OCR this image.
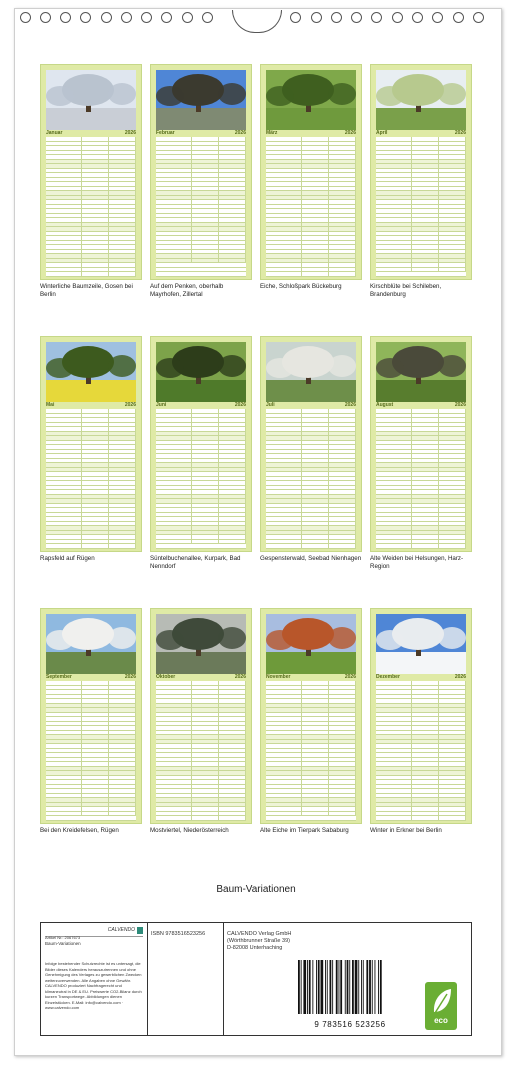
Januar	2026
Winterliche Baumzeile, Gosen bei Berlin
Februar	2026
Auf dem Penken, oberhalb Mayrhofen, Zillertal
März	2026
Eiche, Schloßpark Bückeburg
April	2026
Kirschblüte bei Schileben, Brandenburg
Mai	2026
Rapsfeld auf Rügen
Juni	2026
Süntelbuchenallee, Kurpark, Bad Nenndorf
Juli	2026
Gespensterwald, Seebad Nienhagen
August	2026
Alte Weiden bei Helsungen, Harz-Region
September	2026
Bei den Kreidefelsen, Rügen
Oktober	2026
Mostviertel, Niederösterreich
November	2026
Alte Eiche im Tierpark Sababurg
Dezember	2026
Winter in Erkner bei Berlin
Baum-Variationen
Artikel Nr.: 2067673
CALVENDO
Baum-Variationen
Infolge bestehender Schutzrechte ist es untersagt, die Bilder dieses Kalenders herauszutrennen und ohne Genehmigung des Verlages zu gewerblichen Zwecken weiterzuverwenden. Alle Angaben ohne Gewähr. CALVENDO produziert Nachfragerecht und klimaneutral in DE & EU. Preiswerte CO2-Bilanz durch kurzen Transportwege. Abbildungen dienen Einzelstücken. E-Mail: info@calvendo.com · www.calvendo.com
ISBN 9783516523256	CALVENDO Verlag GmbH
(Wörthbrunner Straße 39)
D-82008 Unterhaching
9 783516 523256	eco
